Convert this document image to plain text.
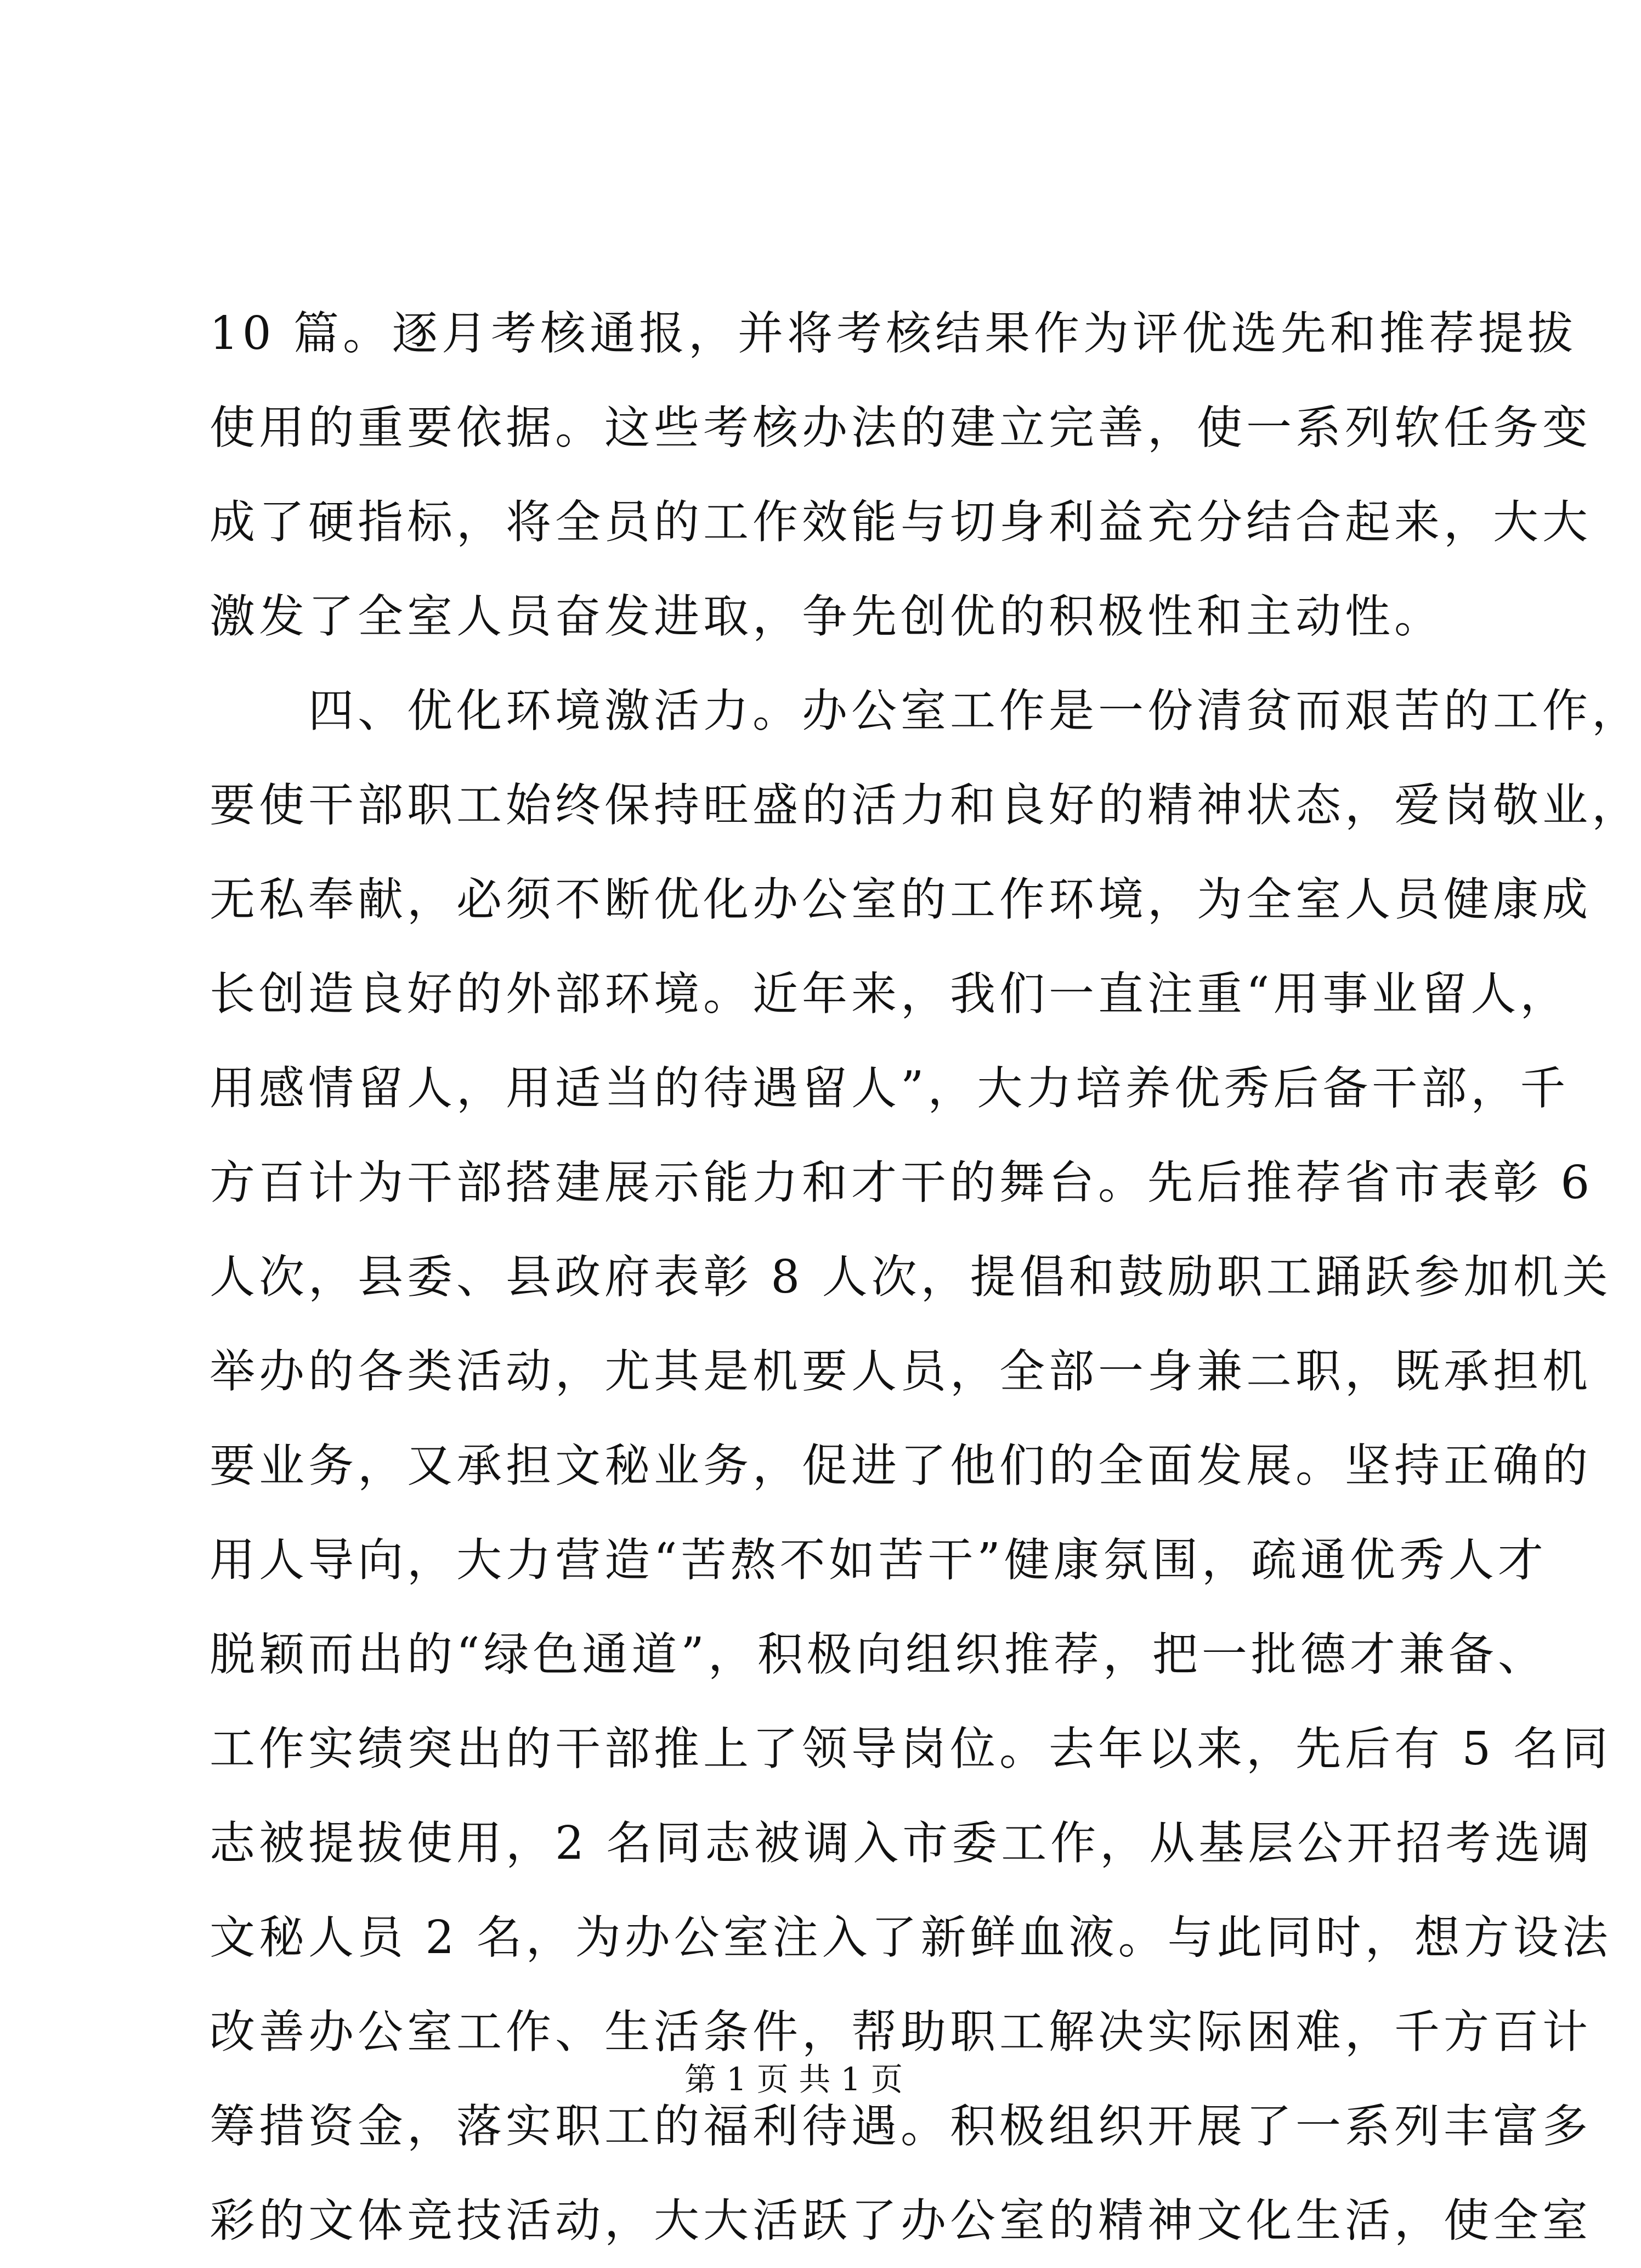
10 篇。逐月考核通报，并将考核结果作为评优选先和推荐提拔
使用的重要依据。这些考核办法的建立完善，使一系列软任务变
成了硬指标，将全员的工作效能与切身利益充分结合起来，大大
激发了全室人员奋发进取，争先创优的积极性和主动性。
　　四、优化环境激活力。办公室工作是一份清贫而艰苦的工作，
要使干部职工始终保持旺盛的活力和良好的精神状态，爱岗敬业，
无私奉献，必须不断优化办公室的工作环境，为全室人员健康成
长创造良好的外部环境。近年来，我们一直注重“用事业留人，
用感情留人，用适当的待遇留人”，大力培养优秀后备干部，千
方百计为干部搭建展示能力和才干的舞台。先后推荐省市表彰 6
人次，县委、县政府表彰 8 人次，提倡和鼓励职工踊跃参加机关
举办的各类活动，尤其是机要人员，全部一身兼二职，既承担机
要业务，又承担文秘业务，促进了他们的全面发展。坚持正确的
用人导向，大力营造“苦熬不如苦干”健康氛围，疏通优秀人才
脱颖而出的“绿色通道”，积极向组织推荐，把一批德才兼备、
工作实绩突出的干部推上了领导岗位。去年以来，先后有 5 名同
志被提拔使用，2 名同志被调入市委工作，从基层公开招考选调
文秘人员 2 名，为办公室注入了新鲜血液。与此同时，想方设法
改善办公室工作、生活条件，帮助职工解决实际困难，千方百计
筹措资金，落实职工的福利待遇。积极组织开展了一系列丰富多
彩的文体竞技活动，大大活跃了办公室的精神文化生活，使全室
第 1 页 共 1 页
